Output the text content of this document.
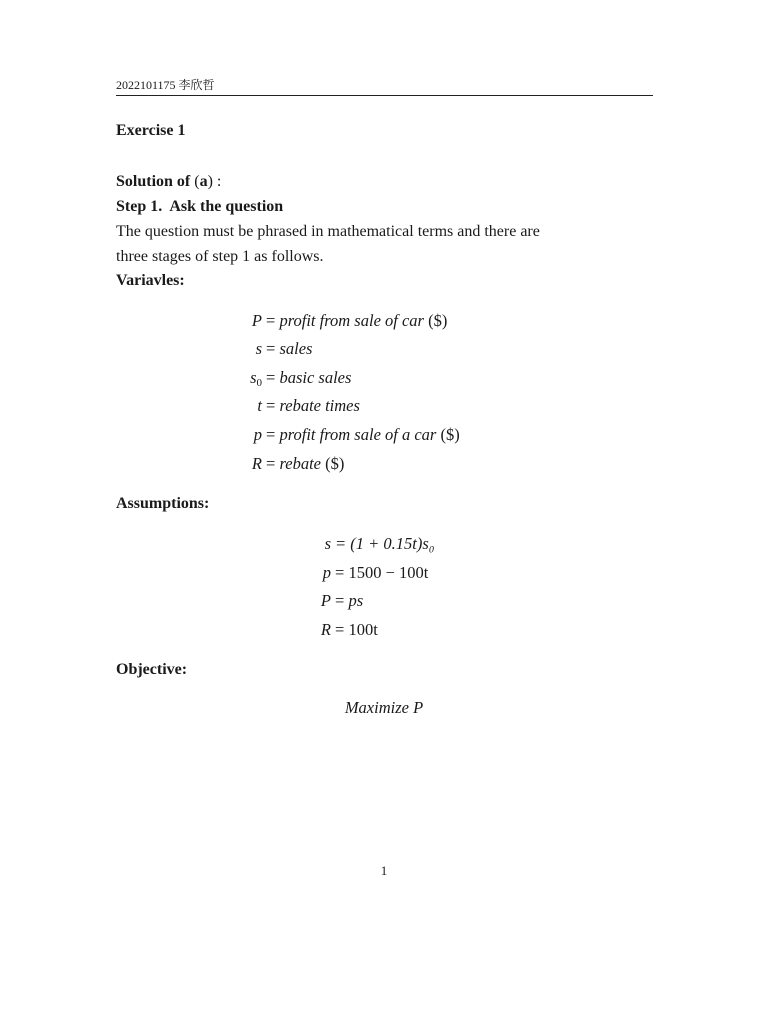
2022101175 李欣哲
Exercise 1
Solution of (a) :
Step 1. Ask the question
The question must be phrased in mathematical terms and there are
three stages of step 1 as follows.
Variavles:
P = profit from sale of car ($)
s = sales
$s_0$ = basic sales
t = rebate times
p = profit from sale of a car ($)
R = rebate ($)
Assumptions:
s = (1 + 0.15t)s₀
p = 1500 − 100t
P = ps
R = 100t
Objective:
Maximize P
1
